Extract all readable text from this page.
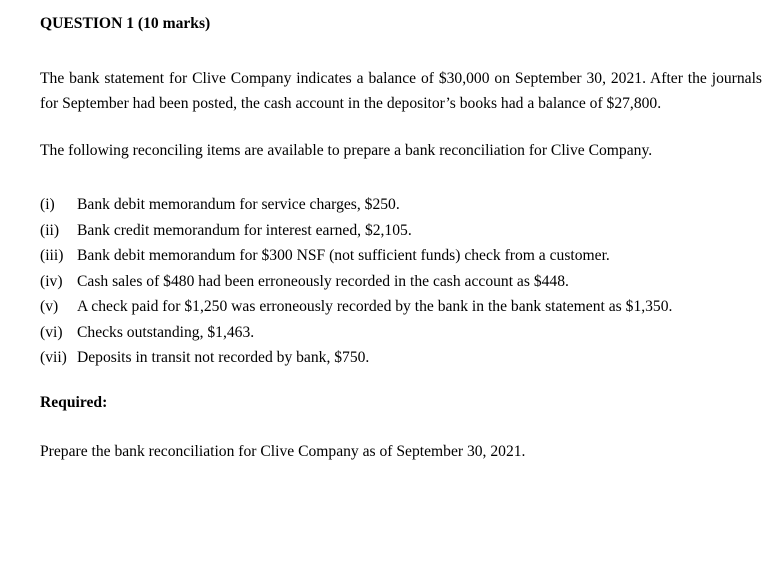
QUESTION 1 (10 marks)
The bank statement for Clive Company indicates a balance of $30,000 on September 30, 2021. After the journals for September had been posted, the cash account in the depositor’s books had a balance of $27,800.
The following reconciling items are available to prepare a bank reconciliation for Clive Company.
(i) Bank debit memorandum for service charges, $250.
(ii) Bank credit memorandum for interest earned, $2,105.
(iii) Bank debit memorandum for $300 NSF (not sufficient funds) check from a customer.
(iv) Cash sales of $480 had been erroneously recorded in the cash account as $448.
(v) A check paid for $1,250 was erroneously recorded by the bank in the bank statement as $1,350.
(vi) Checks outstanding, $1,463.
(vii) Deposits in transit not recorded by bank, $750.
Required:
Prepare the bank reconciliation for Clive Company as of September 30, 2021.
